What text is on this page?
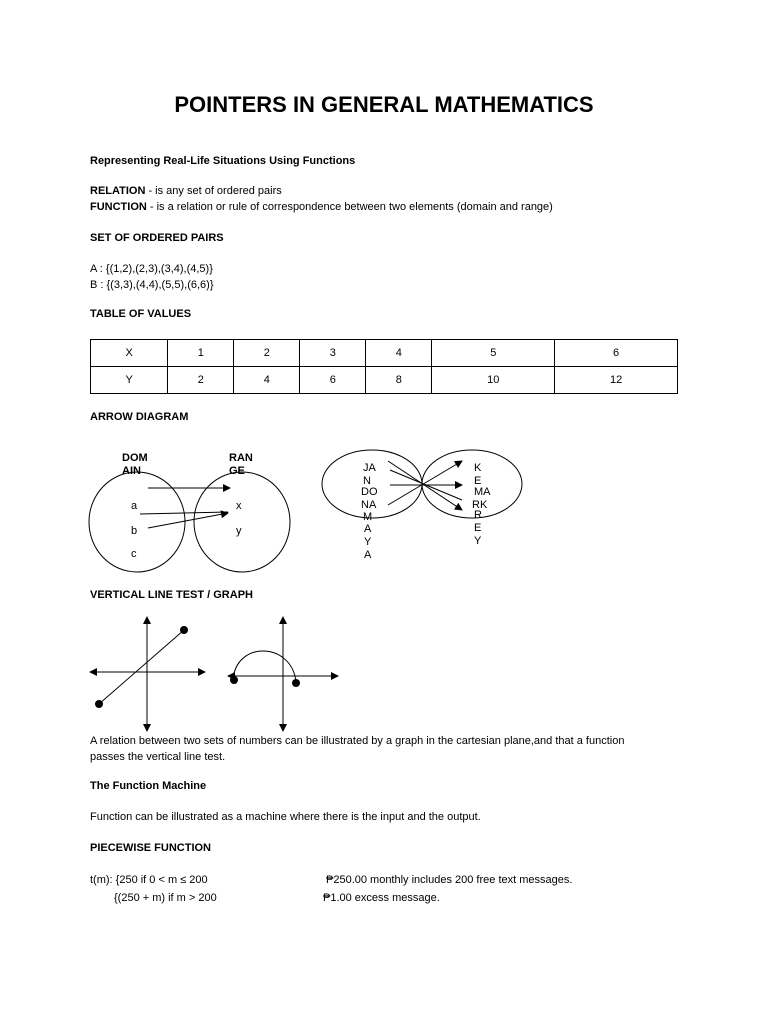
POINTERS IN GENERAL MATHEMATICS
Representing Real-Life Situations Using Functions
RELATION - is any set of ordered pairs
FUNCTION - is a relation or rule of correspondence between two elements (domain and range)
SET OF ORDERED PAIRS
A : {(1,2),(2,3),(3,4),(4,5)}
B : {(3,3),(4,4),(5,5),(6,6)}
TABLE OF VALUES
X	1	2	3	4	5	6
Y	2	4	6	8	10	12
ARROW DIAGRAM
DOM
AIN
RAN
GE
a
b
c
x
y
JA
N
DO
NA
M
A
Y
A
K
E
MA
RK
R
E
Y
VERTICAL LINE TEST / GRAPH
A relation between two sets of numbers can be illustrated by a graph in the cartesian plane,and that a function
passes the vertical line test.
The Function Machine
Function can be illustrated as a machine where there is the input and the output.
PIECEWISE FUNCTION
t(m): {250 if 0 < m ≤ 200
{(250 + m) if m > 200
₱250.00 monthly includes 200 free text messages.
₱1.00 excess message.
